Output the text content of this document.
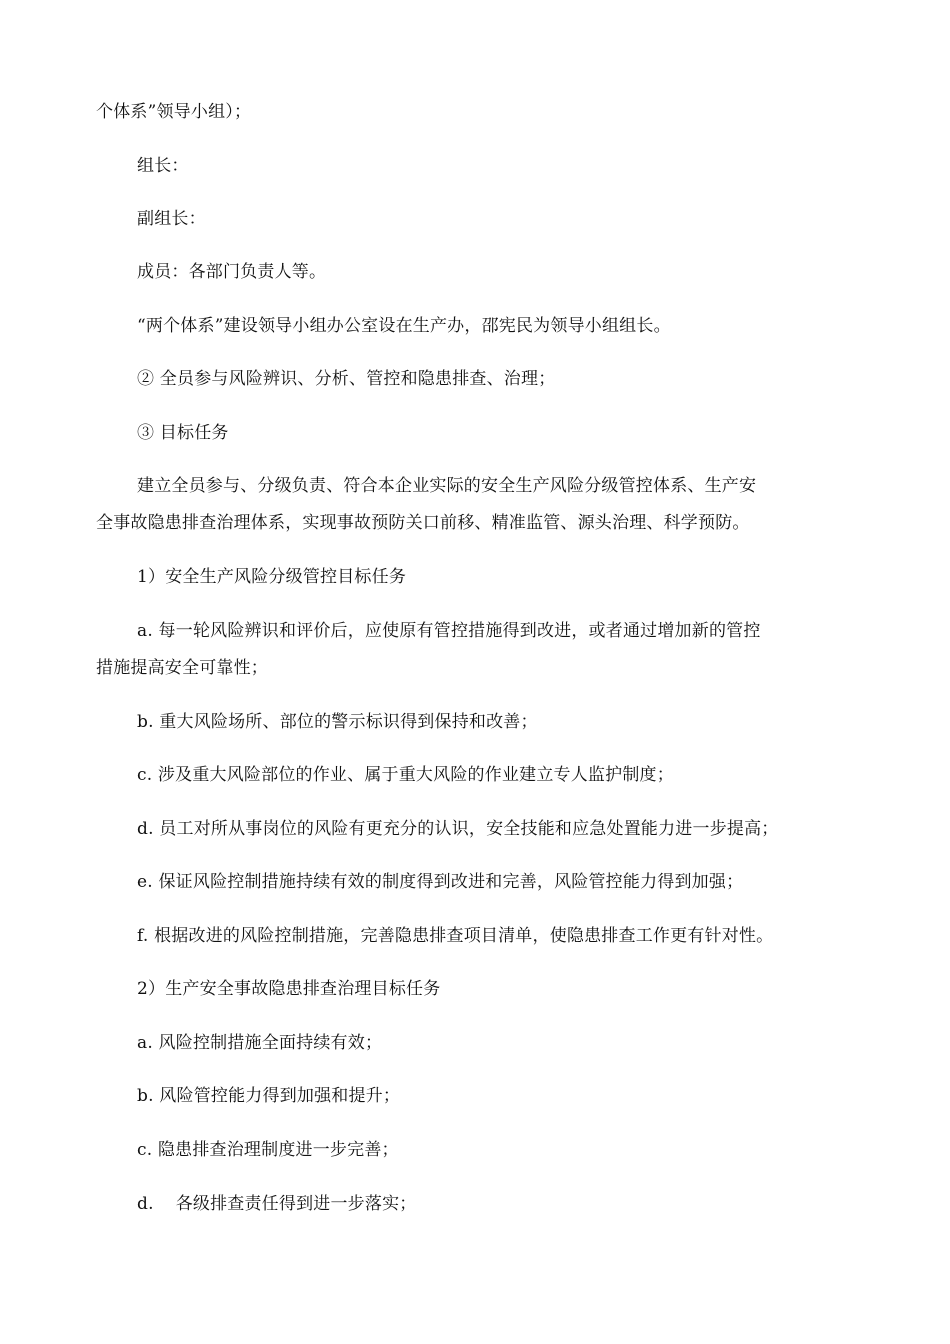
个体系”领导小组）；
组长：
副组长：
成员：各部门负责人等。
“两个体系”建设领导小组办公室设在生产办，邵宪民为领导小组组长。
② 全员参与风险辨识、分析、管控和隐患排查、治理；
③ 目标任务
建立全员参与、分级负责、符合本企业实际的安全生产风险分级管控体系、生产安
全事故隐患排查治理体系，实现事故预防关口前移、精准监管、源头治理、科学预防。
1）安全生产风险分级管控目标任务
a. 每一轮风险辨识和评价后，应使原有管控措施得到改进，或者通过增加新的管控
措施提高安全可靠性；
b. 重大风险场所、部位的警示标识得到保持和改善；
c. 涉及重大风险部位的作业、属于重大风险的作业建立专人监护制度；
d. 员工对所从事岗位的风险有更充分的认识，安全技能和应急处置能力进一步提高；
e. 保证风险控制措施持续有效的制度得到改进和完善，风险管控能力得到加强；
f. 根据改进的风险控制措施，完善隐患排查项目清单，使隐患排查工作更有针对性。
2）生产安全事故隐患排查治理目标任务
a. 风险控制措施全面持续有效；
b. 风险管控能力得到加强和提升；
c. 隐患排查治理制度进一步完善；
d. 各级排查责任得到进一步落实；
